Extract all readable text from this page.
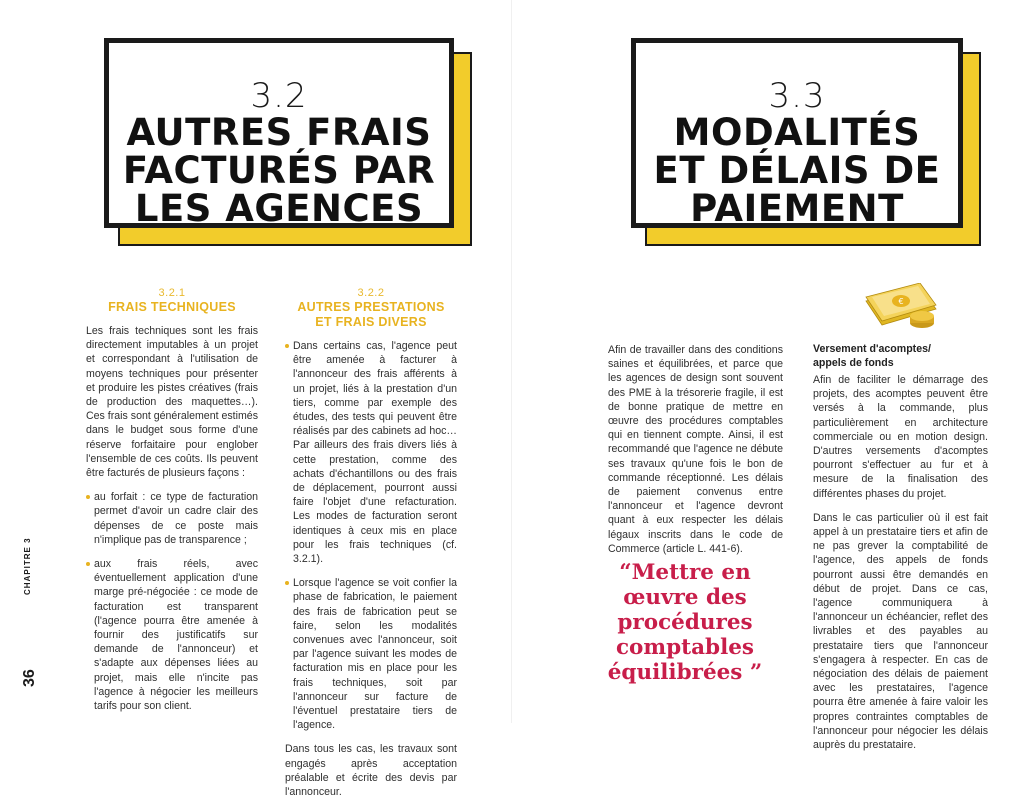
3.2
AUTRES FRAIS
FACTURÉS PAR
LES AGENCES
3.3
MODALITÉS
ET DÉLAIS DE
PAIEMENT
3.2.1
FRAIS TECHNIQUES

Les frais techniques sont les frais directement imputables à un projet et correspondant à l'utilisation de moyens techniques pour présenter et produire les pistes créatives (frais de production des maquettes…). Ces frais sont généralement estimés dans le budget sous forme d'une réserve forfaitaire pour englober l'ensemble de ces coûts. Ils peuvent être facturés de plusieurs façons :

au forfait : ce type de facturation permet d'avoir un cadre clair des dépenses de ce poste mais n'implique pas de transparence ;
aux frais réels, avec éventuellement application d'une marge pré-négociée : ce mode de facturation est transparent (l'agence pourra être amenée à fournir des justificatifs sur demande de l'annonceur) et s'adapte aux dépenses liées au projet, mais elle n'incite pas l'agence à négocier les meilleurs tarifs pour son client.
3.2.2
AUTRES PRESTATIONS
ET FRAIS DIVERS
Dans certains cas, l'agence peut être amenée à facturer à l'annonceur des frais afférents à un projet, liés à la prestation d'un tiers, comme par exemple des études, des tests qui peuvent être réalisés par des cabinets ad hoc… Par ailleurs des frais divers liés à cette prestation, comme des achats d'échantillons ou des frais de déplacement, pourront aussi faire l'objet d'une refacturation. Les modes de facturation seront identiques à ceux mis en place pour les frais techniques (cf. 3.2.1).
Lorsque l'agence se voit confier la phase de fabrication, le paiement des frais de fabrication peut se faire, selon les modalités convenues avec l'annonceur, soit par l'agence suivant les modes de facturation mis en place pour les frais techniques, soit par l'annonceur sur facture de l'éventuel prestataire tiers de l'agence.

Dans tous les cas, les travaux sont engagés après acceptation préalable et écrite des devis par l'annonceur.

CHAPITRE 3
36

Afin de travailler dans des conditions saines et équilibrées, et parce que les agences de design sont souvent des PME à la trésorerie fragile, il est de bonne pratique de mettre en œuvre des procédures comptables qui en tiennent compte. Ainsi, il est recommandé que l'agence ne débute ses travaux qu'une fois le bon de commande réceptionné. Les délais de paiement convenus entre l'annonceur et l'agence devront quant à eux respecter les délais légaux inscrits dans le code de Commerce (article L. 441-6).

“Mettre en
œuvre des
procédures
comptables
équilibrées ”
€
Versement d'acomptes/
appels de fonds

Afin de faciliter le démarrage des projets, des acomptes peuvent être versés à la commande, plus particulièrement en architecture commerciale ou en motion design. D'autres versements d'acomptes pourront s'effectuer au fur et à mesure de la finalisation des différentes phases du projet.

Dans le cas particulier où il est fait appel à un prestataire tiers et afin de ne pas grever la comptabilité de l'agence, des appels de fonds pourront aussi être demandés en début de projet. Dans ce cas, l'agence communiquera à l'annonceur un échéancier, reflet des livrables et des payables au prestataire tiers que l'annonceur s'engagera à respecter. En cas de négociation des délais de paiement avec les prestataires, l'agence pourra être amenée à faire valoir les propres contraintes comptables de l'annonceur pour négocier les délais auprès du prestataire.
